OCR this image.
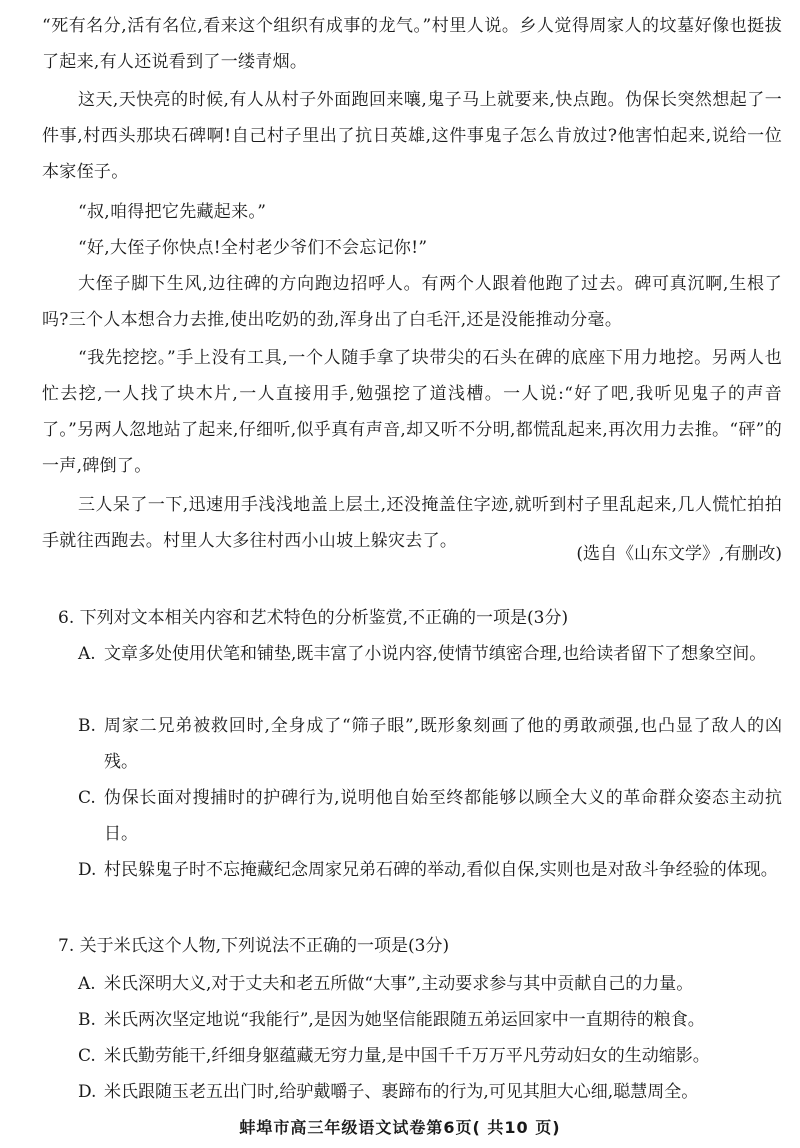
“死有名分,活有名位,看来这个组织有成事的龙气。”村里人说。乡人觉得周家人的坟墓好像也挺拔了起来,有人还说看到了一缕青烟。

这天,天快亮的时候,有人从村子外面跑回来嚷,鬼子马上就要来,快点跑。伪保长突然想起了一件事,村西头那块石碑啊!自己村子里出了抗日英雄,这件事鬼子怎么肯放过?他害怕起来,说给一位本家侄子。

“叔,咱得把它先藏起来。”

“好,大侄子你快点!全村老少爷们不会忘记你!”

大侄子脚下生风,边往碑的方向跑边招呼人。有两个人跟着他跑了过去。碑可真沉啊,生根了吗?三个人本想合力去推,使出吃奶的劲,浑身出了白毛汗,还是没能推动分毫。

“我先挖挖。”手上没有工具,一个人随手拿了块带尖的石头在碑的底座下用力地挖。另两人也忙去挖,一人找了块木片,一人直接用手,勉强挖了道浅槽。一人说:“好了吧,我听见鬼子的声音了。”另两人忽地站了起来,仔细听,似乎真有声音,却又听不分明,都慌乱起来,再次用力去推。“砰”的一声,碑倒了。

三人呆了一下,迅速用手浅浅地盖上层土,还没掩盖住字迹,就听到村子里乱起来,几人慌忙拍拍手就往西跑去。村里人大多往村西小山坡上躲灾去了。

(选自《山东文学》,有删改)

6. 下列对文本相关内容和艺术特色的分析鉴赏,不正确的一项是(3分)

A. 文章多处使用伏笔和铺垫,既丰富了小说内容,使情节缜密合理,也给读者留下了想象空间。
B. 周家二兄弟被救回时,全身成了“筛子眼”,既形象刻画了他的勇敢顽强,也凸显了敌人的凶残。
C. 伪保长面对搜捕时的护碑行为,说明他自始至终都能够以顾全大义的革命群众姿态主动抗日。
D. 村民躲鬼子时不忘掩藏纪念周家兄弟石碑的举动,看似自保,实则也是对敌斗争经验的体现。

7. 关于米氏这个人物,下列说法不正确的一项是(3分)

A. 米氏深明大义,对于丈夫和老五所做“大事”,主动要求参与其中贡献自己的力量。
B. 米氏两次坚定地说“我能行”,是因为她坚信能跟随五弟运回家中一直期待的粮食。
C. 米氏勤劳能干,纤细身躯蕴藏无穷力量,是中国千千万万平凡劳动妇女的生动缩影。
D. 米氏跟随玉老五出门时,给驴戴嚼子、裹蹄布的行为,可见其胆大心细,聪慧周全。
蚌埠市高三年级语文试卷第6页( 共10 页)
